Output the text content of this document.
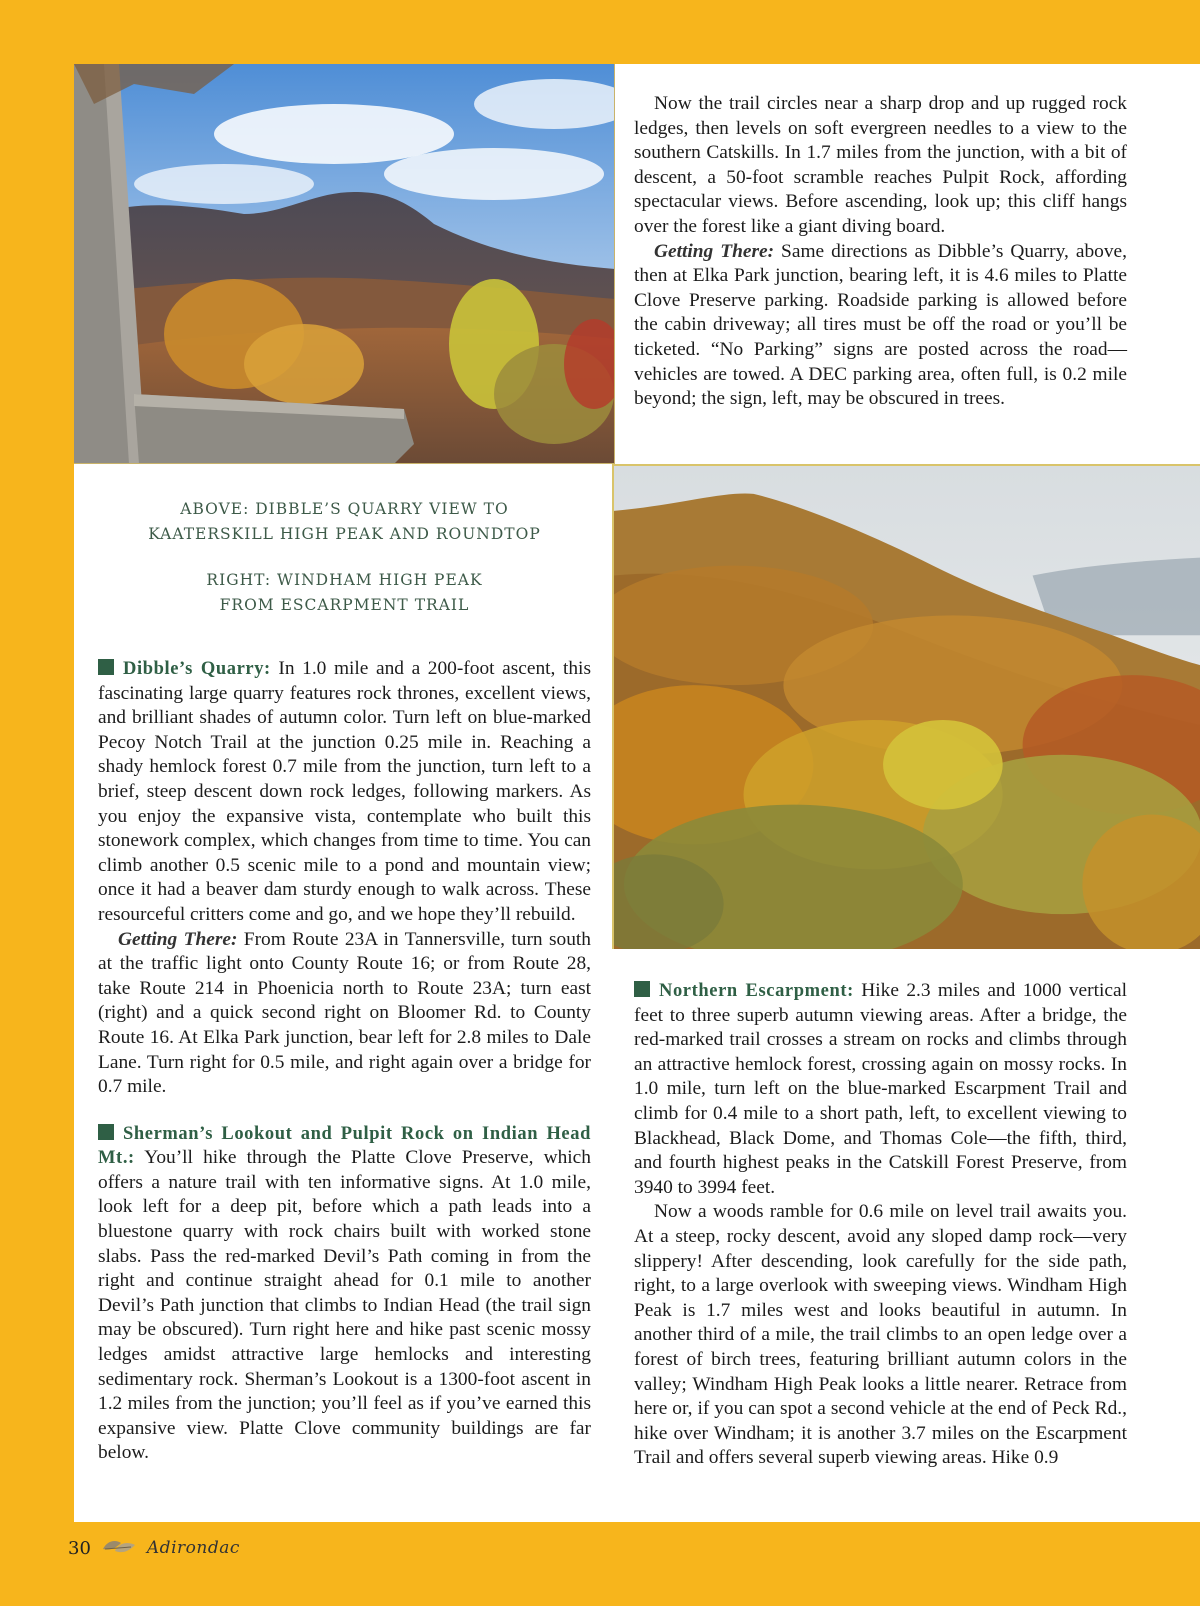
Now the trail circles near a sharp drop and up rugged rock ledges, then levels on soft evergreen needles to a view to the southern Catskills. In 1.7 miles from the junction, with a bit of descent, a 50-foot scramble reaches Pulpit Rock, affording spectacular views. Before ascending, look up; this cliff hangs over the forest like a giant diving board.

Getting There: Same directions as Dibble’s Quarry, above, then at Elka Park junction, bearing left, it is 4.6 miles to Platte Clove Preserve parking. Roadside parking is allowed before the cabin driveway; all tires must be off the road or you’ll be ticketed. “No Parking” signs are posted across the road—vehicles are towed. A DEC parking area, often full, is 0.2 mile beyond; the sign, left, may be obscured in trees.

ABOVE: DIBBLE’S QUARRY VIEW TO
KAATERSKILL HIGH PEAK AND ROUNDTOP
RIGHT: WINDHAM HIGH PEAK
FROM ESCARPMENT TRAIL

Dibble’s Quarry: In 1.0 mile and a 200-foot ascent, this fascinating large quarry features rock thrones, excellent views, and brilliant shades of autumn color. Turn left on blue-marked Pecoy Notch Trail at the junction 0.25 mile in. Reaching a shady hemlock forest 0.7 mile from the junction, turn left to a brief, steep descent down rock ledges, following markers. As you enjoy the expansive vista, contemplate who built this stonework complex, which changes from time to time. You can climb another 0.5 scenic mile to a pond and mountain view; once it had a beaver dam sturdy enough to walk across. These resourceful critters come and go, and we hope they’ll rebuild.

Getting There: From Route 23A in Tannersville, turn south at the traffic light onto County Route 16; or from Route 28, take Route 214 in Phoenicia north to Route 23A; turn east (right) and a quick second right on Bloomer Rd. to County Route 16. At Elka Park junction, bear left for 2.8 miles to Dale Lane. Turn right for 0.5 mile, and right again over a bridge for 0.7 mile.

Sherman’s Lookout and Pulpit Rock on Indian Head Mt.: You’ll hike through the Platte Clove Preserve, which offers a nature trail with ten informative signs. At 1.0 mile, look left for a deep pit, before which a path leads into a bluestone quarry with rock chairs built with worked stone slabs. Pass the red-marked Devil’s Path coming in from the right and continue straight ahead for 0.1 mile to another Devil’s Path junction that climbs to Indian Head (the trail sign may be obscured). Turn right here and hike past scenic mossy ledges amidst attractive large hemlocks and interesting sedimentary rock. Sherman’s Lookout is a 1300-foot ascent in 1.2 miles from the junction; you’ll feel as if you’ve earned this expansive view. Platte Clove community buildings are far below.

Northern Escarpment: Hike 2.3 miles and 1000 vertical feet to three superb autumn viewing areas. After a bridge, the red-marked trail crosses a stream on rocks and climbs through an attractive hemlock forest, crossing again on mossy rocks. In 1.0 mile, turn left on the blue-marked Escarpment Trail and climb for 0.4 mile to a short path, left, to excellent viewing to Blackhead, Black Dome, and Thomas Cole—the fifth, third, and fourth highest peaks in the Catskill Forest Preserve, from 3940 to 3994 feet.

Now a woods ramble for 0.6 mile on level trail awaits you. At a steep, rocky descent, avoid any sloped damp rock—very slippery! After descending, look carefully for the side path, right, to a large overlook with sweeping views. Windham High Peak is 1.7 miles west and looks beautiful in autumn. In another third of a mile, the trail climbs to an open ledge over a forest of birch trees, featuring brilliant autumn colors in the valley; Windham High Peak looks a little nearer. Retrace from here or, if you can spot a second vehicle at the end of Peck Rd., hike over Windham; it is another 3.7 miles on the Escarpment Trail and offers several superb viewing areas. Hike 0.9

30	Adirondac
